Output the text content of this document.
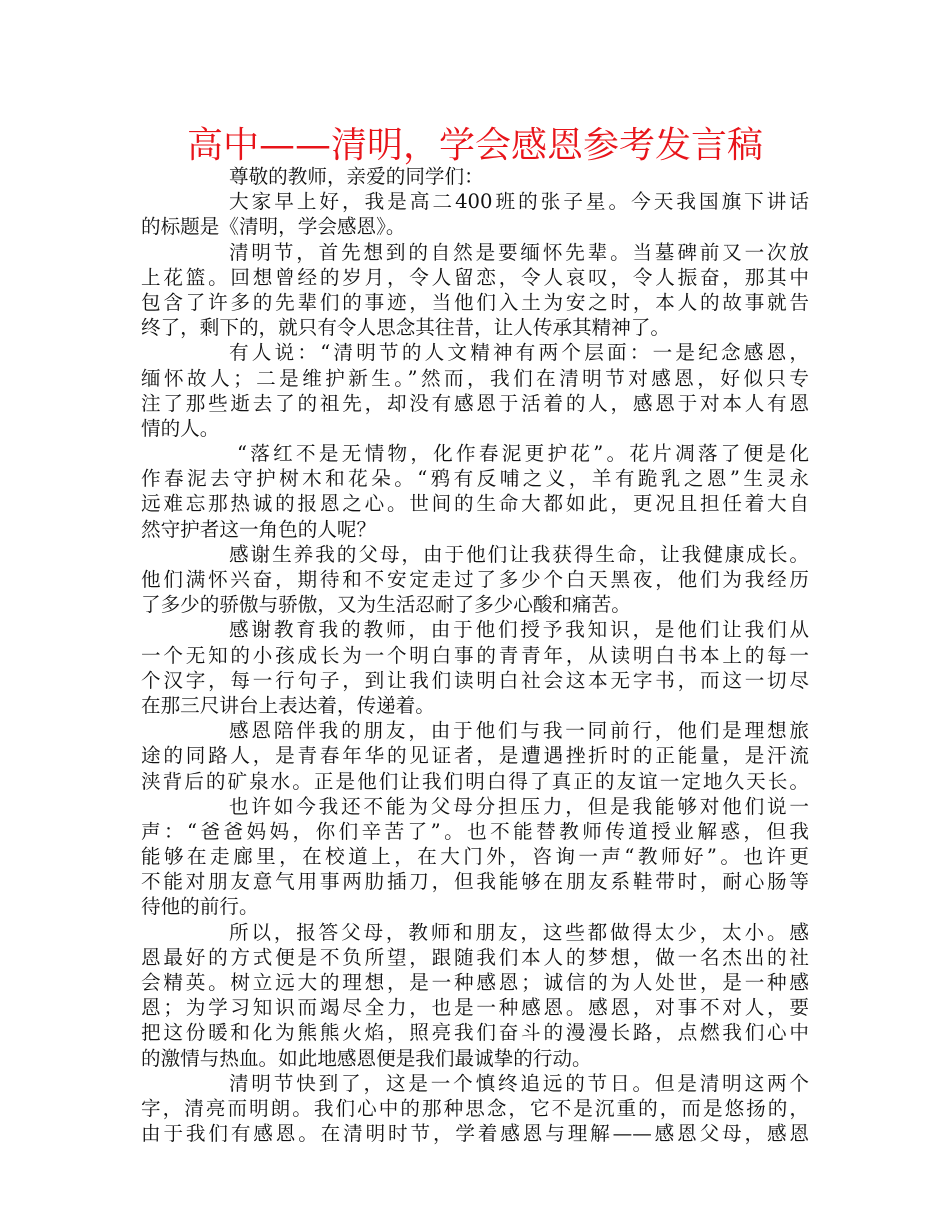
高中——清明，学会感恩参考发言稿
尊敬的教师，亲爱的同学们：
大家早上好，我是高二400班的张子星。今天我国旗下讲话
的标题是《清明，学会感恩》。
清明节，首先想到的自然是要缅怀先辈。当墓碑前又一次放
上花篮。回想曾经的岁月，令人留恋，令人哀叹，令人振奋，那其中
包含了许多的先辈们的事迹，当他们入土为安之时，本人的故事就告
终了，剩下的，就只有令人思念其往昔，让人传承其精神了。
有人说：“清明节的人文精神有两个层面：一是纪念感恩，
缅怀故人；二是维护新生。”然而，我们在清明节对感恩，好似只专
注了那些逝去了的祖先，却没有感恩于活着的人，感恩于对本人有恩
情的人。
“落红不是无情物，化作春泥更护花”。花片凋落了便是化
作春泥去守护树木和花朵。“鸦有反哺之义，羊有跪乳之恩”生灵永
远难忘那热诚的报恩之心。世间的生命大都如此，更况且担任着大自
然守护者这一角色的人呢？
感谢生养我的父母，由于他们让我获得生命，让我健康成长。
他们满怀兴奋，期待和不安定走过了多少个白天黑夜，他们为我经历
了多少的骄傲与骄傲，又为生活忍耐了多少心酸和痛苦。
感谢教育我的教师，由于他们授予我知识，是他们让我们从
一个无知的小孩成长为一个明白事的青青年，从读明白书本上的每一
个汉字，每一行句子，到让我们读明白社会这本无字书，而这一切尽
在那三尺讲台上表达着，传递着。
感恩陪伴我的朋友，由于他们与我一同前行，他们是理想旅
途的同路人，是青春年华的见证者，是遭遇挫折时的正能量，是汗流
浃背后的矿泉水。正是他们让我们明白得了真正的友谊一定地久天长。
也许如今我还不能为父母分担压力，但是我能够对他们说一
声：“爸爸妈妈，你们辛苦了”。也不能替教师传道授业解惑，但我
能够在走廊里，在校道上，在大门外，咨询一声“教师好”。也许更
不能对朋友意气用事两肋插刀，但我能够在朋友系鞋带时，耐心肠等
待他的前行。
所以，报答父母，教师和朋友，这些都做得太少，太小。感
恩最好的方式便是不负所望，跟随我们本人的梦想，做一名杰出的社
会精英。树立远大的理想，是一种感恩；诚信的为人处世，是一种感
恩；为学习知识而竭尽全力，也是一种感恩。感恩，对事不对人，要
把这份暖和化为熊熊火焰，照亮我们奋斗的漫漫长路，点燃我们心中
的激情与热血。如此地感恩便是我们最诚挚的行动。
清明节快到了，这是一个慎终追远的节日。但是清明这两个
字，清亮而明朗。我们心中的那种思念，它不是沉重的，而是悠扬的，
由于我们有感恩。在清明时节，学着感恩与理解——感恩父母，感恩
